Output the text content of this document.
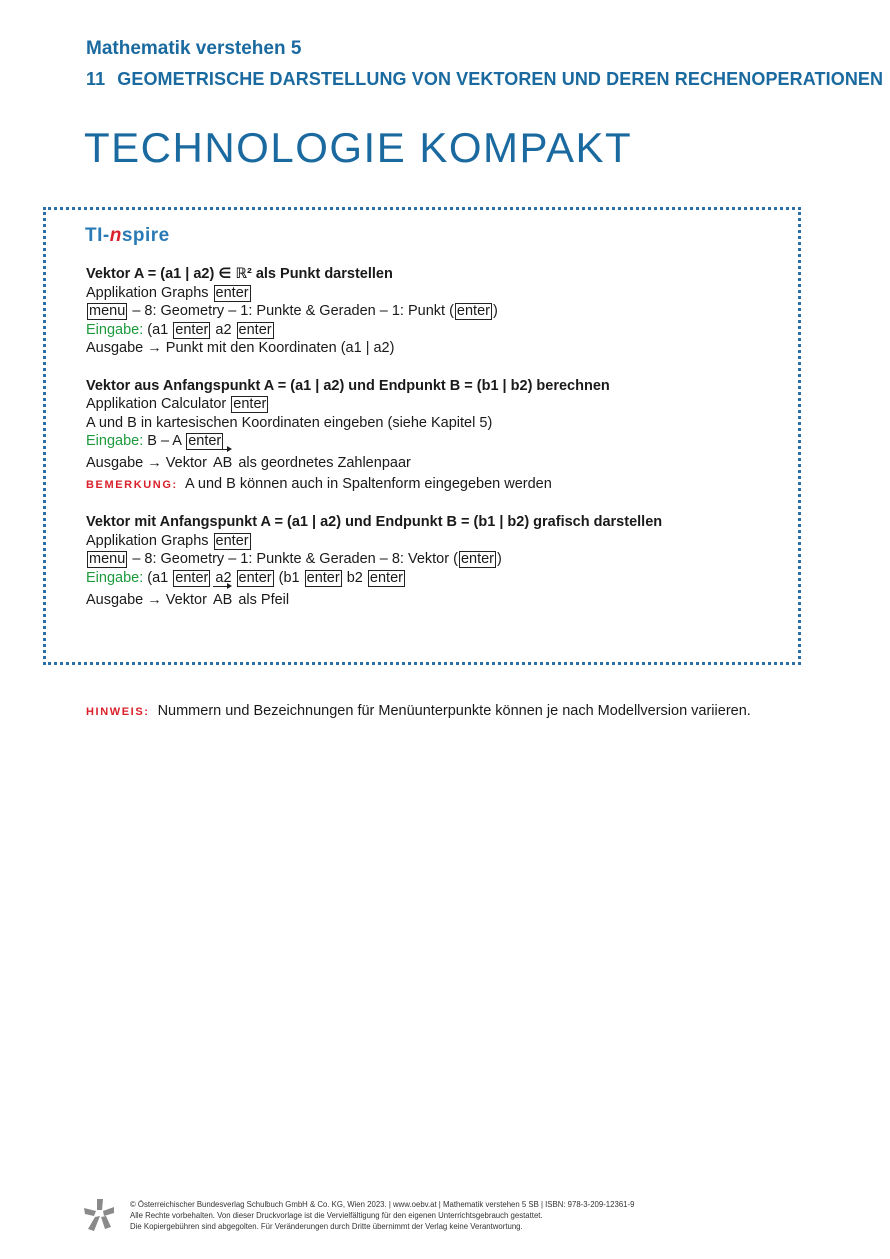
Mathematik verstehen 5
11 GEOMETRISCHE DARSTELLUNG VON VEKTOREN UND DEREN RECHENOPERATIONEN
TECHNOLOGIE KOMPAKT
TI-nspire
Vektor A = (a1 | a2) ∈ ℝ² als Punkt darstellen
Applikation Graphs enter
menu – 8: Geometry – 1: Punkte & Geraden – 1: Punkt ( enter )
Eingabe: (a1 enter a2 enter
Ausgabe → Punkt mit den Koordinaten (a1 | a2)
Vektor aus Anfangspunkt A = (a1 | a2) und Endpunkt B = (b1 | b2) berechnen
Applikation Calculator enter
A und B in kartesischen Koordinaten eingeben (siehe Kapitel 5)
Eingabe: B – A enter
Ausgabe → Vektor AB als geordnetes Zahlenpaar
BEMERKUNG: A und B können auch in Spaltenform eingegeben werden
Vektor mit Anfangspunkt A = (a1 | a2) und Endpunkt B = (b1 | b2) grafisch darstellen
Applikation Graphs enter
menu – 8: Geometry – 1: Punkte & Geraden – 8: Vektor ( enter )
Eingabe: (a1 enter a2 enter (b1 enter b2 enter
Ausgabe → Vektor AB als Pfeil
HINWEIS: Nummern und Bezeichnungen für Menüunterpunkte können je nach Modellversion variieren.
© Österreichischer Bundesverlag Schulbuch GmbH & Co. KG, Wien 2023. | www.oebv.at | Mathematik verstehen 5 SB | ISBN: 978-3-209-12361-9
Alle Rechte vorbehalten. Von dieser Druckvorlage ist die Vervielfältigung für den eigenen Unterrichtsgebrauch gestattet.
Die Kopiergebühren sind abgegolten. Für Veränderungen durch Dritte übernimmt der Verlag keine Verantwortung.
